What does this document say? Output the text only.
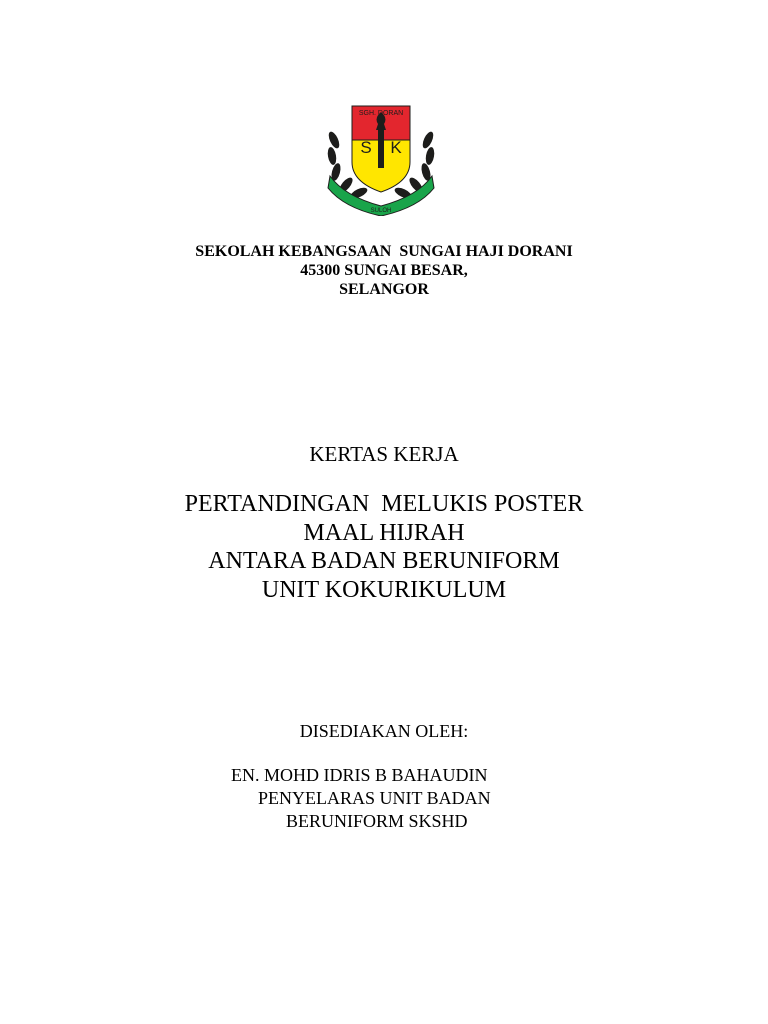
SGH. DORAN
S K
SULOH
SEKOLAH KEBANGSAAN  SUNGAI HAJI DORANI
45300 SUNGAI BESAR,
SELANGOR
KERTAS KERJA
PERTANDINGAN  MELUKIS POSTER
MAAL HIJRAH
ANTARA BADAN BERUNIFORM
UNIT KOKURIKULUM
DISEDIAKAN OLEH:
EN. MOHD IDRIS B BAHAUDIN
PENYELARAS UNIT BADAN
BERUNIFORM SKSHD
